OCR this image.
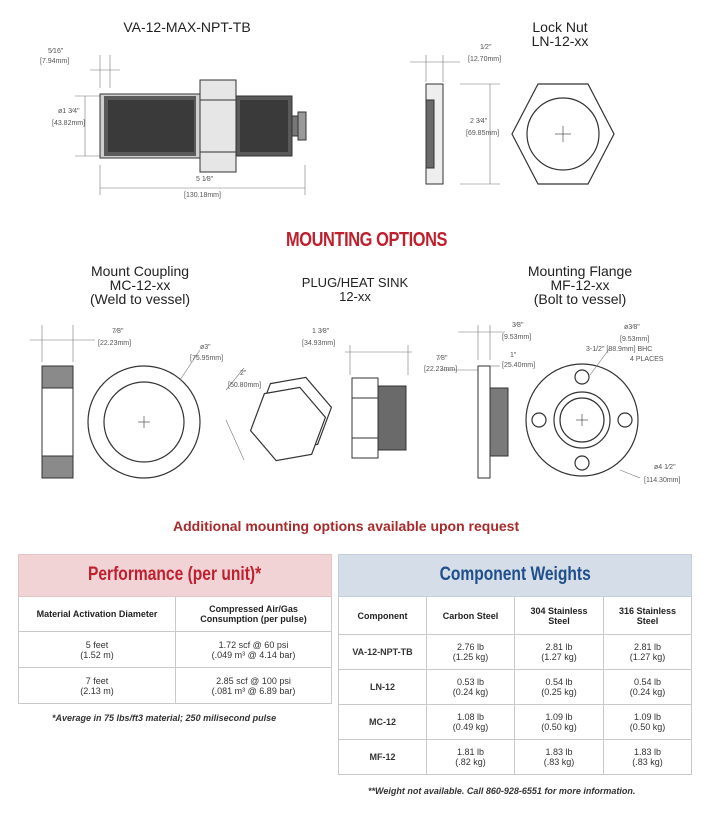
VA-12-MAX-NPT-TB	Lock Nut
LN-12-xx
5⁄16"
[7.94mm]
ø1 3⁄4"
[43.82mm]
5 1⁄8"
[130.18mm]
1⁄2"
[12.70mm]
2 3⁄4"
[69.85mm]
MOUNTING OPTIONS
Mount Coupling
MC-12-xx
(Weld to vessel)
PLUG/HEAT SINK
12-xx
Mounting Flange
MF-12-xx
(Bolt to vessel)
7⁄8"
[22.23mm]
ø3"
[75.95mm]
2"
[50.80mm]
1 3⁄8"
[34.93mm]
7⁄8"
[22.23mm]
3⁄8"
[9.53mm]
1"
[25.40mm]
ø3⁄8"
[9.53mm]
3-1/2" [88.9mm] BHC
4 PLACES
ø4 1⁄2"
[114.30mm]
Additional mounting options available upon request
Performance (per unit)*	
Material Activation Diameter	Compressed Air/Gas
Consumption (per pulse)
5 feet
(1.52 m)	1.72 scf @ 60 psi
(.049 m³ @ 4.14 bar)
7 feet
(2.13 m)	2.85 scf @ 100 psi
(.081 m³ @ 6.89 bar)
*Average in 75 lbs/ft3 material; 250 milisecond pulse
Component Weights			
Component	Carbon Steel	304 Stainless
Steel	316 Stainless
Steel
VA-12-NPT-TB	2.76 lb
(1.25 kg)	2.81 lb
(1.27 kg)	2.81 lb
(1.27 kg)
LN-12	0.53 lb
(0.24 kg)	0.54 lb
(0.25 kg)	0.54 lb
(0.24 kg)
MC-12	1.08 lb
(0.49 kg)	1.09 lb
(0.50 kg)	1.09 lb
(0.50 kg)
MF-12	1.81 lb
(.82 kg)	1.83 lb
(.83 kg)	1.83 lb
(.83 kg)
**Weight not available. Call 860-928-6551 for more information.
